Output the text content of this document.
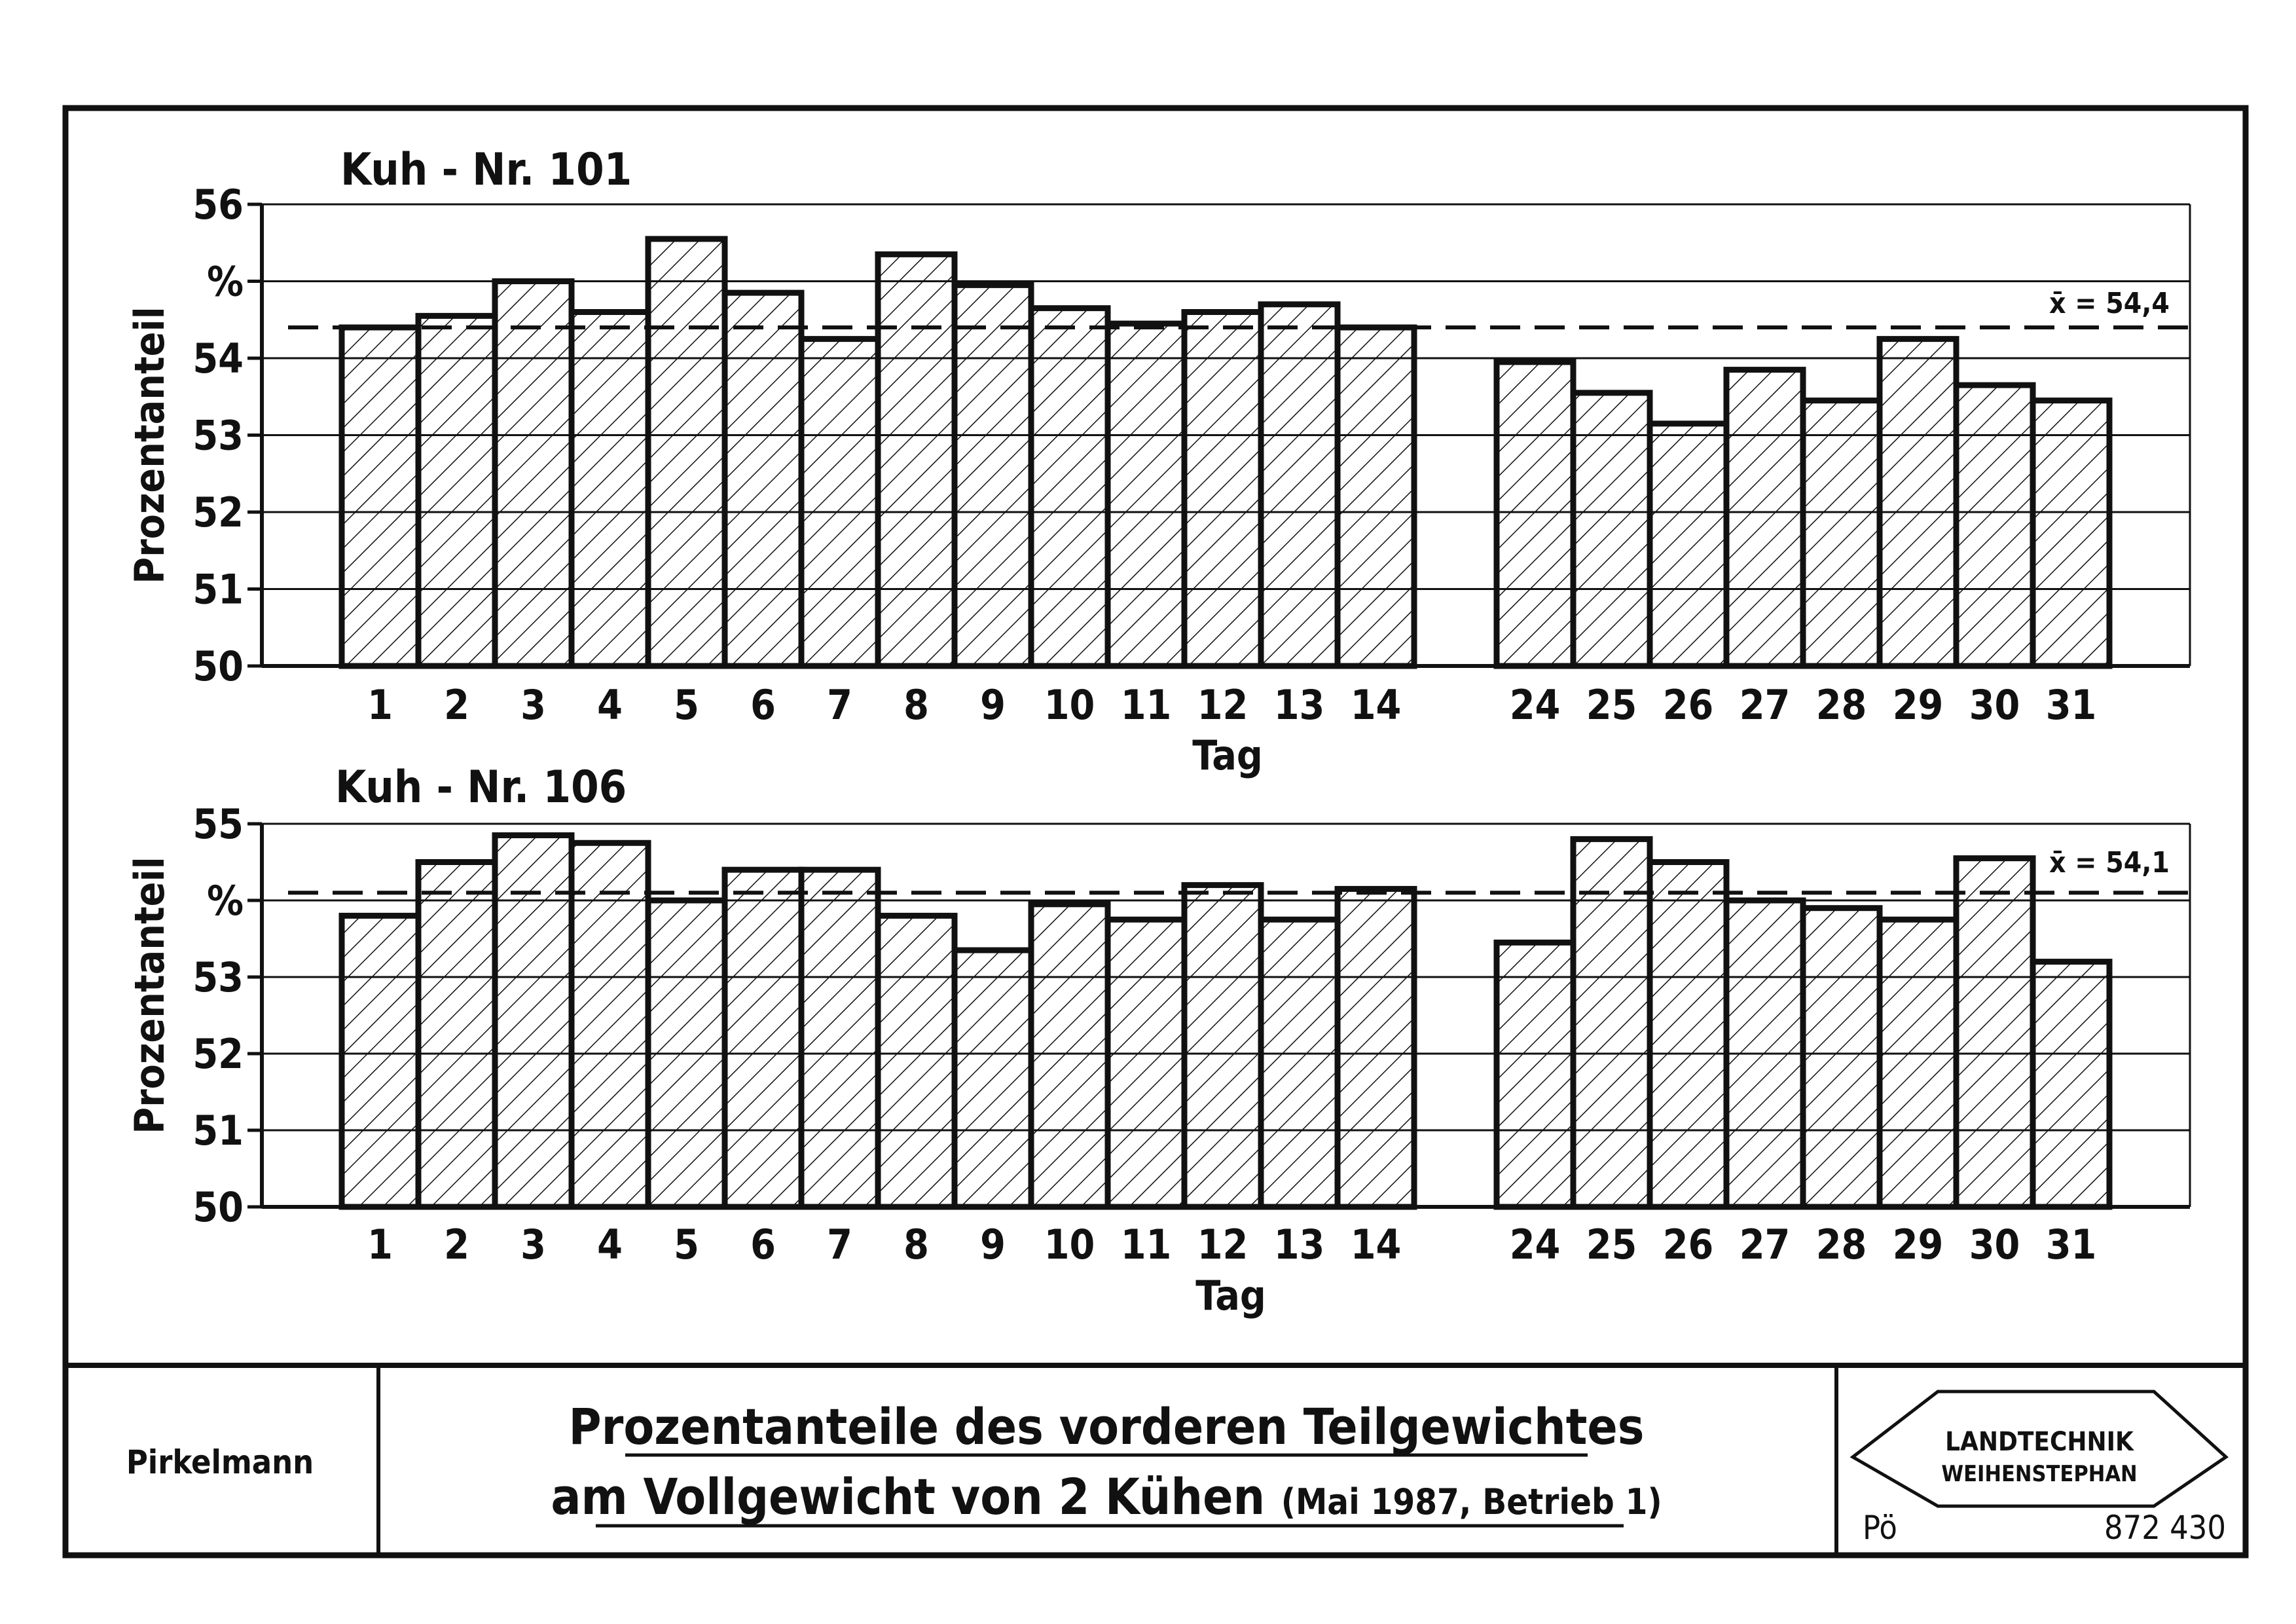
Kuh - Nr. 101
50
51
52
53
54
%
56
1 2 3 4 5 6 7 8 9 10 11 12 13 14	24 25 26 27 28 29 30 31
x̄ = 54,4
Prozentanteil
Tag
Kuh - Nr. 106
50
51
52
53
%
55
1 2 3 4 5 6 7 8 9 10 11 12 13 14	24 25 26 27 28 29 30 31
x̄ = 54,1
Prozentanteil
Tag
Pirkelmann
Prozentanteile des vorderen Teilgewichtes
am Vollgewicht von 2 Kühen (Mai 1987, Betrieb 1)
LANDTECHNIK
WEIHENSTEPHAN
Pö	872 430
